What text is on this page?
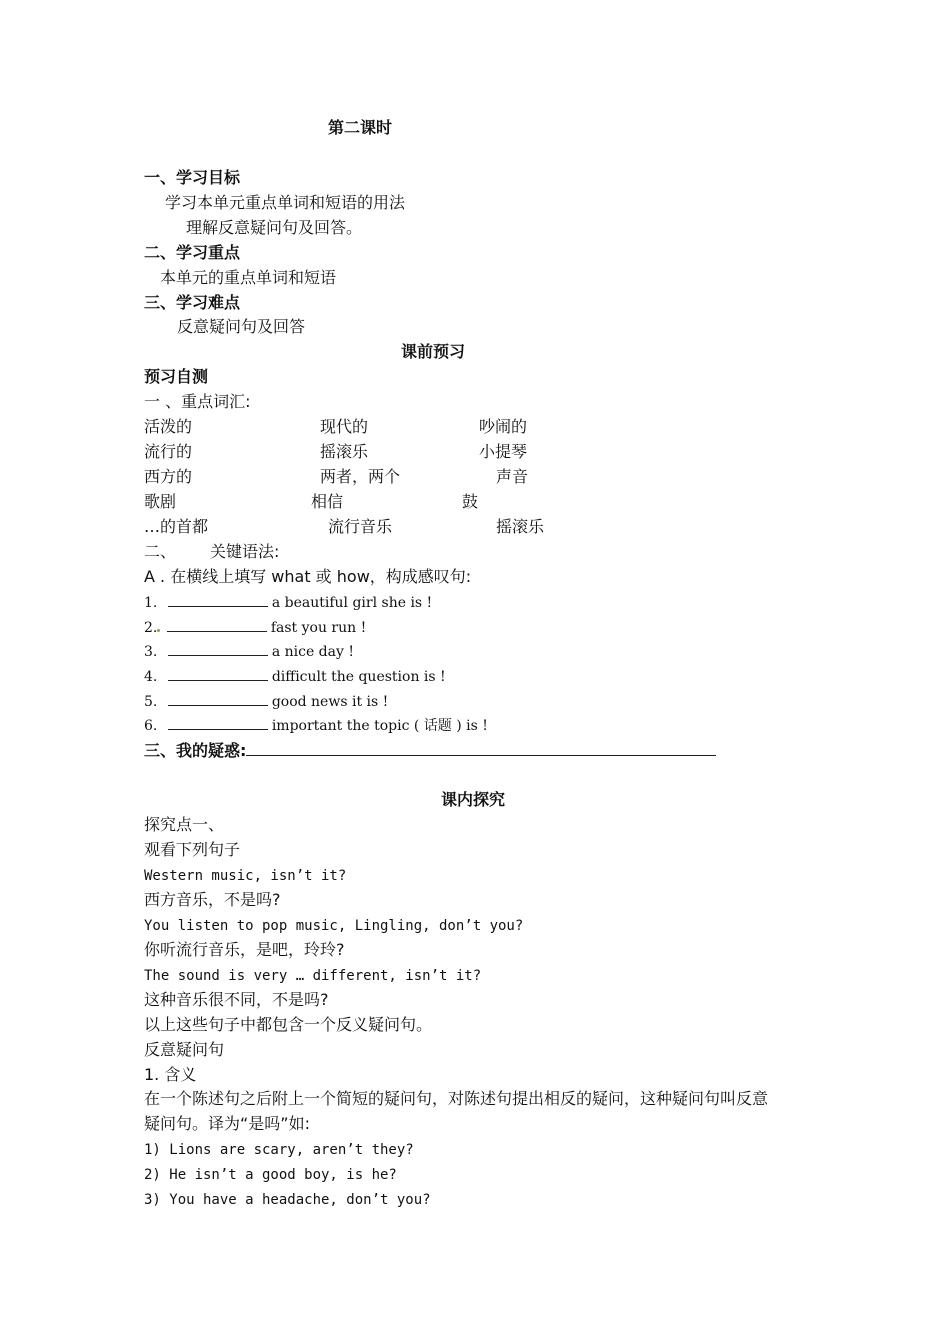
第二课时
一、学习目标
学习本单元重点单词和短语的用法
理解反意疑问句及回答。
二、学习重点
本单元的重点单词和短语
三、学习难点
反意疑问句及回答
课前预习
预习自测
一 、重点词汇:
活泼的	现代的	吵闹的
流行的	摇滚乐	小提琴
西方的	两者，两个	声音
歌剧	相信	鼓
…的首都	流行音乐	摇滚乐
二、 关键语法:
A . 在横线上填写 what 或 how，构成感叹句:
1.	a beautiful girl she is !
2.	fast you run !
3.	a nice day !
4.	difficult the question is !
5.	good news it is !
6.	important the topic ( 话题 ) is !
三、我的疑惑:
课内探究
探究点一、
观看下列句子
Western music, isn’t it?
西方音乐，不是吗?
You listen to pop music, Lingling, don’t you?
你听流行音乐，是吧，玲玲?
The sound is very … different, isn’t it?
这种音乐很不同，不是吗?
以上这些句子中都包含一个反义疑问句。
反意疑问句
1. 含义
在一个陈述句之后附上一个简短的疑问句，对陈述句提出相反的疑问，这种疑问句叫反意
疑问句。译为“是吗”如:
1) Lions are scary, aren’t they?
2) He isn’t a good boy, is he?
3) You have a headache, don’t you?
